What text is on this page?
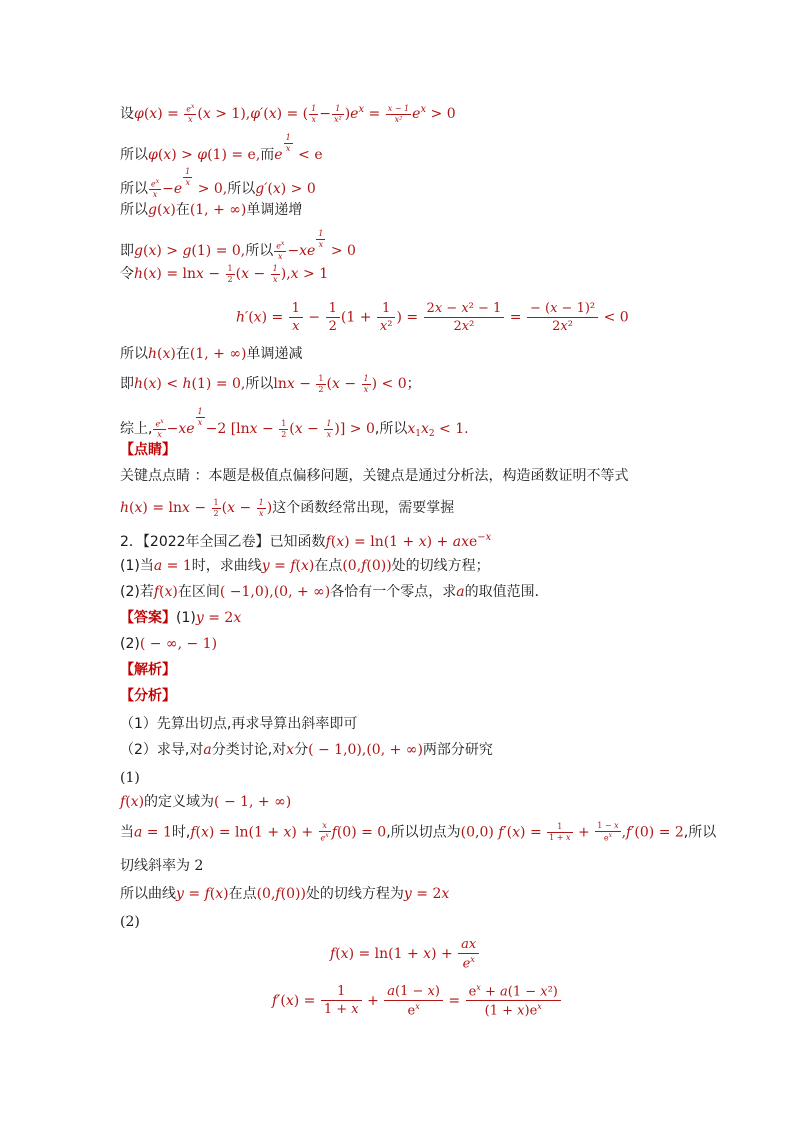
设$\varphi(x) = \frac{e^x}{x} (x > 1),\varphi'(x)$ = ( $\frac{1}{x} - \frac{1}{\text{x²}} )e^x = \frac{x - 1}{\text{x²}} e^x > 0$
所以φ(x) > φ(1) = e,而e
$\frac{1}{x}$
< e
所以 $\frac{e^x}{x} -e$
$\frac{1}{x}$
> 0,所以g′(x) > 0
所以g(x)在(1, + ∞)单调递增
即g(x) > g(1) = 0,所以 $\frac{e^x}{x} -xe$
$\frac{1}{x}$
> 0
令$h(x) = \ln x - \frac{1}{2} (x - \frac{1}{x} ),x > 1$
$h'(x) = \frac{1}{x} - \frac{1}{2} (1 + \frac{1}{\text{x²}}$ ) = $\frac{\text{2x − x² − 1}}{\text{2x²}} = \frac{\text{− (x − 1)²}}{\text{2x²}} < 0$
所以h(x)在(1, + ∞)单调递减
即h(x) < h(1) = 0,所以$\ln x - \frac{1}{2} (x - \frac{1}{x}$ ) < 0；
综上, $\frac{e^x}{x} -xe$
$\frac{1}{x}$
−2 [$\ln x - \frac{1}{2} (x - \frac{1}{x}$ )] > 0,所以$x_1x_2 < 1$.
【点睛】
关键点点睛 ：本题是极值点偏移问题，关键点是通过分析法，构造函数证明不等式
$h(x) = \ln x - \frac{1}{2} (x - \frac{1}{x}$ )这个函数经常出现，需要掌握
2．【2022年全国乙卷】已知函数f(x) = ln(1 + x) + axe$^{-x}$
(1)当a = 1时，求曲线y = f(x)在点(0,f(0))处的切线方程；
(2)若f(x)在区间( −1,0),(0, + ∞)各恰有一个零点，求a的取值范围．
【答案】(1)y = 2x
(2)( − ∞, − 1)
【解析】
【分析】
（1）先算出切点,再求导算出斜率即可
（2）求导,对a分类讨论,对x分( − 1,0),(0, + ∞)两部分研究
(1)
f(x)的定义域为( − 1, + ∞)
当a = 1时$,f(x) = \ln(1 + x) + \frac{x}{e^x} f(0) = 0$,所以切点为(0,0) $f'(x) = \frac{1}{1 + x} + \frac{1 - x}{e^x} ,f'(0) = 2$,所以
切线斜率为 2
所以曲线y = f(x)在点(0,f(0))处的切线方程为y = 2x
(2)
$f(x) = \ln(1 + x) + \frac{ax}{e^x}$
$f'(x) = \frac{1}{1 + x} + \frac{a(1 - x)}{e^x} = \frac{e^x + a(1 - x^2)}{(1 + x)e^x}$
